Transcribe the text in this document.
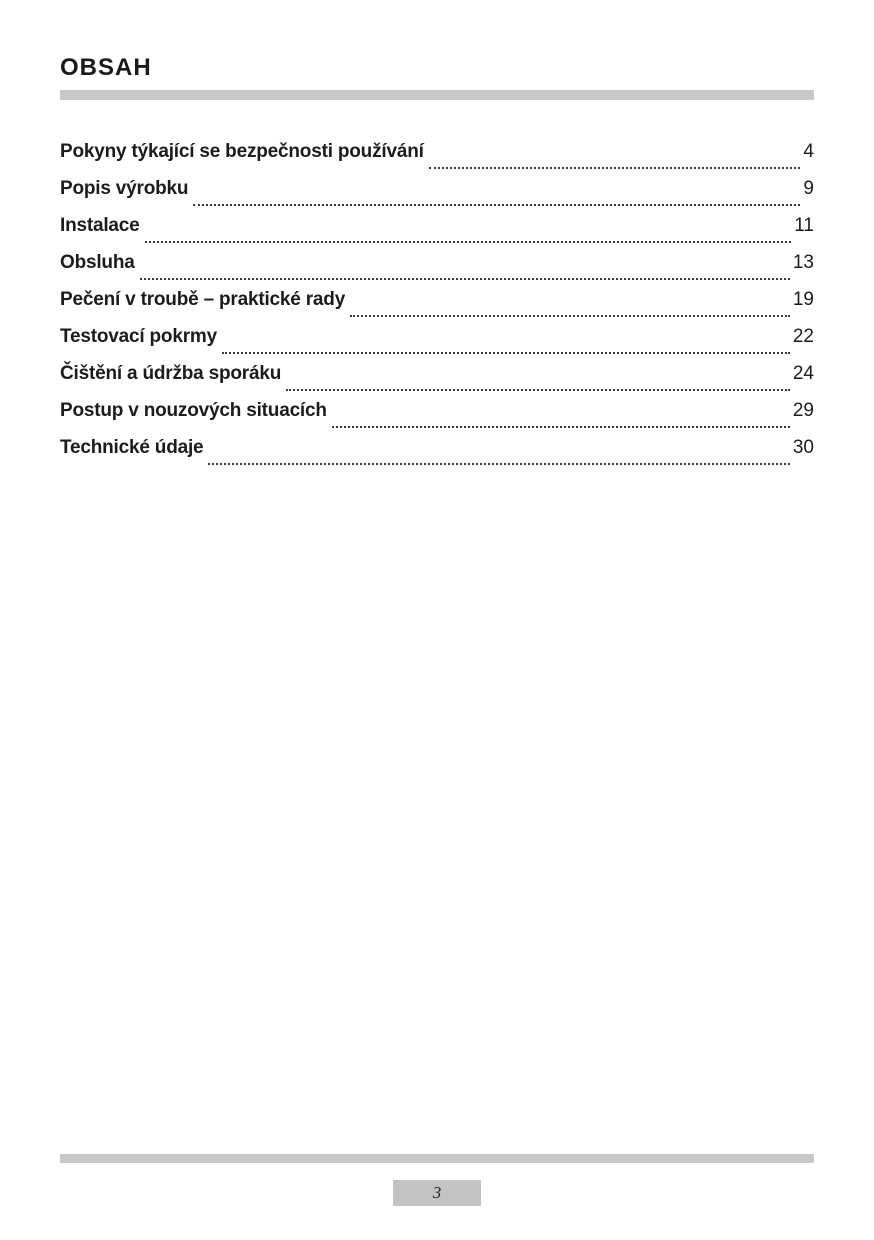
OBSAH
Pokyny týkající se bezpečnosti používání	4
Popis výrobku	9
Instalace	11
Obsluha	13
Pečení v troubě – praktické rady	19
Testovací pokrmy	22
Čištění a údržba sporáku	24
Postup v nouzových situacích	29
Technické údaje	30
3
